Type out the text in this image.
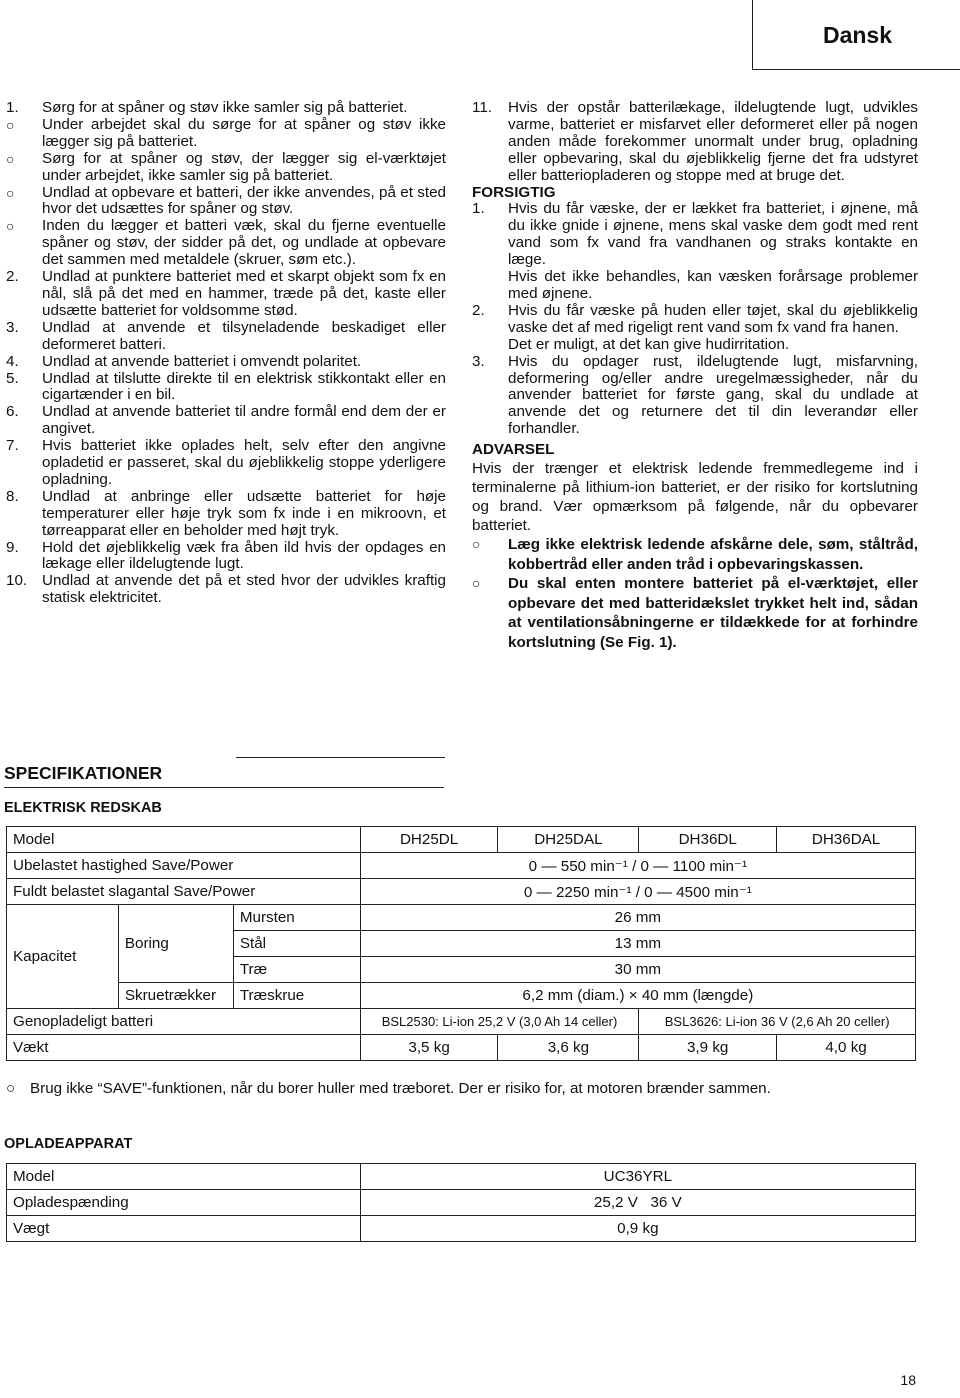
Dansk
1.	Sørg for at spåner og støv ikke samler sig på batteriet.
○	Under arbejdet skal du sørge for at spåner og støv ikke lægger sig på batteriet.
○	Sørg for at spåner og støv, der lægger sig el-værktøjet under arbejdet, ikke samler sig på batteriet.
○	Undlad at opbevare et batteri, der ikke anvendes, på et sted hvor det udsættes for spåner og støv.
○	Inden du lægger et batteri væk, skal du fjerne eventuelle spåner og støv, der sidder på det, og undlade at opbevare det sammen med metaldele (skruer, søm etc.).
2.	Undlad at punktere batteriet med et skarpt objekt som fx en nål, slå på det med en hammer, træde på det, kaste eller udsætte batteriet for voldsomme stød.
3.	Undlad at anvende et tilsyneladende beskadiget eller deformeret batteri.
4.	Undlad at anvende batteriet i omvendt polaritet.
5.	Undlad at tilslutte direkte til en elektrisk stikkontakt eller en cigartænder i en bil.
6.	Undlad at anvende batteriet til andre formål end dem der er angivet.
7.	Hvis batteriet ikke oplades helt, selv efter den angivne opladetid er passeret, skal du øjeblikkelig stoppe yderligere opladning.
8.	Undlad at anbringe eller udsætte batteriet for høje temperaturer eller høje tryk som fx inde i en mikroovn, et tørreapparat eller en beholder med højt tryk.
9.	Hold det øjeblikkelig væk fra åben ild hvis der opdages en lækage eller ildelugtende lugt.
10. Undlad at anvende det på et sted hvor der udvikles kraftig statisk elektricitet.
11.	Hvis der opstår batterilækage, ildelugtende lugt, udvikles varme, batteriet er misfarvet eller deformeret eller på nogen anden måde forekommer unormalt under brug, opladning eller opbevaring, skal du øjeblikkelig fjerne det fra udstyret eller batteriopladeren og stoppe med at bruge det.
FORSIGTIG
1.	Hvis du får væske, der er lækket fra batteriet, i øjnene, må du ikke gnide i øjnene, mens skal vaske dem godt med rent vand som fx vand fra vandhanen og straks kontakte en læge.
Hvis det ikke behandles, kan væsken forårsage problemer med øjnene.
2.	Hvis du får væske på huden eller tøjet, skal du øjeblikkelig vaske det af med rigeligt rent vand som fx vand fra hanen.
Det er muligt, at det kan give hudirritation.
3.	Hvis du opdager rust, ildelugtende lugt, misfarvning, deformering og/eller andre uregelmæssigheder, når du anvender batteriet for første gang, skal du undlade at anvende det og returnere det til din leverandør eller forhandler.
ADVARSEL
Hvis der trænger et elektrisk ledende fremmedlegeme ind i terminalerne på lithium-ion batteriet, er der risiko for kortslutning og brand. Vær opmærksom på følgende, når du opbevarer batteriet.
○	Læg ikke elektrisk ledende afskårne dele, søm, ståltråd, kobbertråd eller anden tråd i opbevaringskassen.
○	Du skal enten montere batteriet på el-værktøjet, eller opbevare det med batteridækslet trykket helt ind, sådan at ventilationsåbningerne er tildækkede for at forhindre kortslutning (Se Fig. 1).
SPECIFIKATIONER
ELEKTRISK REDSKAB
Model			DH25DL	DH25DAL	DH36DL	DH36DAL
Ubelastet hastighed Save/Power			0 — 550 min⁻¹ / 0 — 1100 min⁻¹			
Fuldt belastet slagantal Save/Power			0 — 2250 min⁻¹ / 0 — 4500 min⁻¹			
Kapacitet	Boring	Mursten	26 mm			
		Stål	13 mm			
		Træ	30 mm			
	Skruetrækker	Træskrue	6,2 mm (diam.) × 40 mm (længde)			
Genopladeligt batteri			BSL2530: Li-ion 25,2 V (3,0 Ah 14 celler)		BSL3626: Li-ion 36 V (2,6 Ah 20 celler)	
Vækt			3,5 kg	3,6 kg	3,9 kg	4,0 kg
○ Brug ikke “SAVE”-funktionen, når du borer huller med træboret. Der er risiko for, at motoren brænder sammen.
OPLADEAPPARAT
Model	UC36YRL
Opladespænding	25,2 V   36 V
Vægt	0,9 kg
18
